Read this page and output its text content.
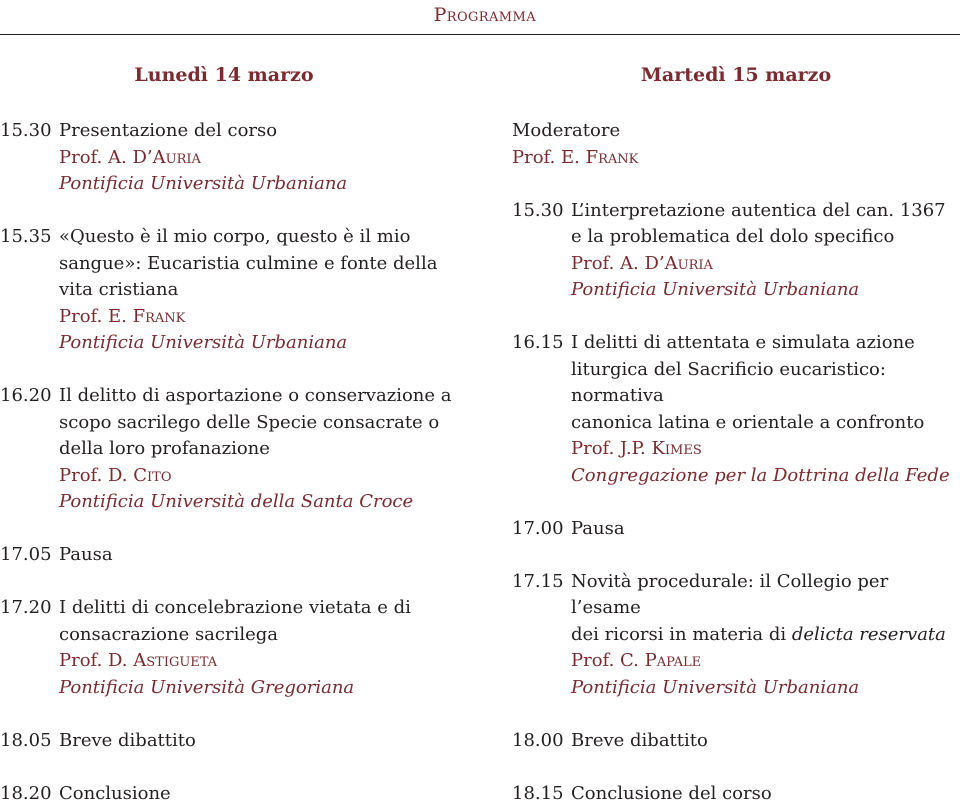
Programma
Lunedì 14 marzo	Martedì 15 marzo
15.30 Presentazione del corso
Prof. A. D’Auria
Pontificia Università Urbaniana
15.35 «Questo è il mio corpo, questo è il mio
sangue»: Eucaristia culmine e fonte della
vita cristiana
Prof. E. Frank
Pontificia Università Urbaniana
16.20 Il delitto di asportazione o conservazione a
scopo sacrilego delle Specie consacrate o
della loro profanazione
Prof. D. Cito
Pontificia Università della Santa Croce
17.05 Pausa
17.20 I delitti di concelebrazione vietata e di
consacrazione sacrilega
Prof. D. Astigueta
Pontificia Università Gregoriana
18.05 Breve dibattito
18.20 Conclusione
Moderatore
Prof. E. Frank
15.30 L’interpretazione autentica del can. 1367
e la problematica del dolo specifico
Prof. A. D’Auria
Pontificia Università Urbaniana
16.15 I delitti di attentata e simulata azione
liturgica del Sacrificio eucaristico: normativa
canonica latina e orientale a confronto
Prof. J.P. Kimes
Congregazione per la Dottrina della Fede
17.00 Pausa
17.15 Novità procedurale: il Collegio per l’esame
dei ricorsi in materia di delicta reservata
Prof. C. Papale
Pontificia Università Urbaniana
18.00 Breve dibattito
18.15 Conclusione del corso
